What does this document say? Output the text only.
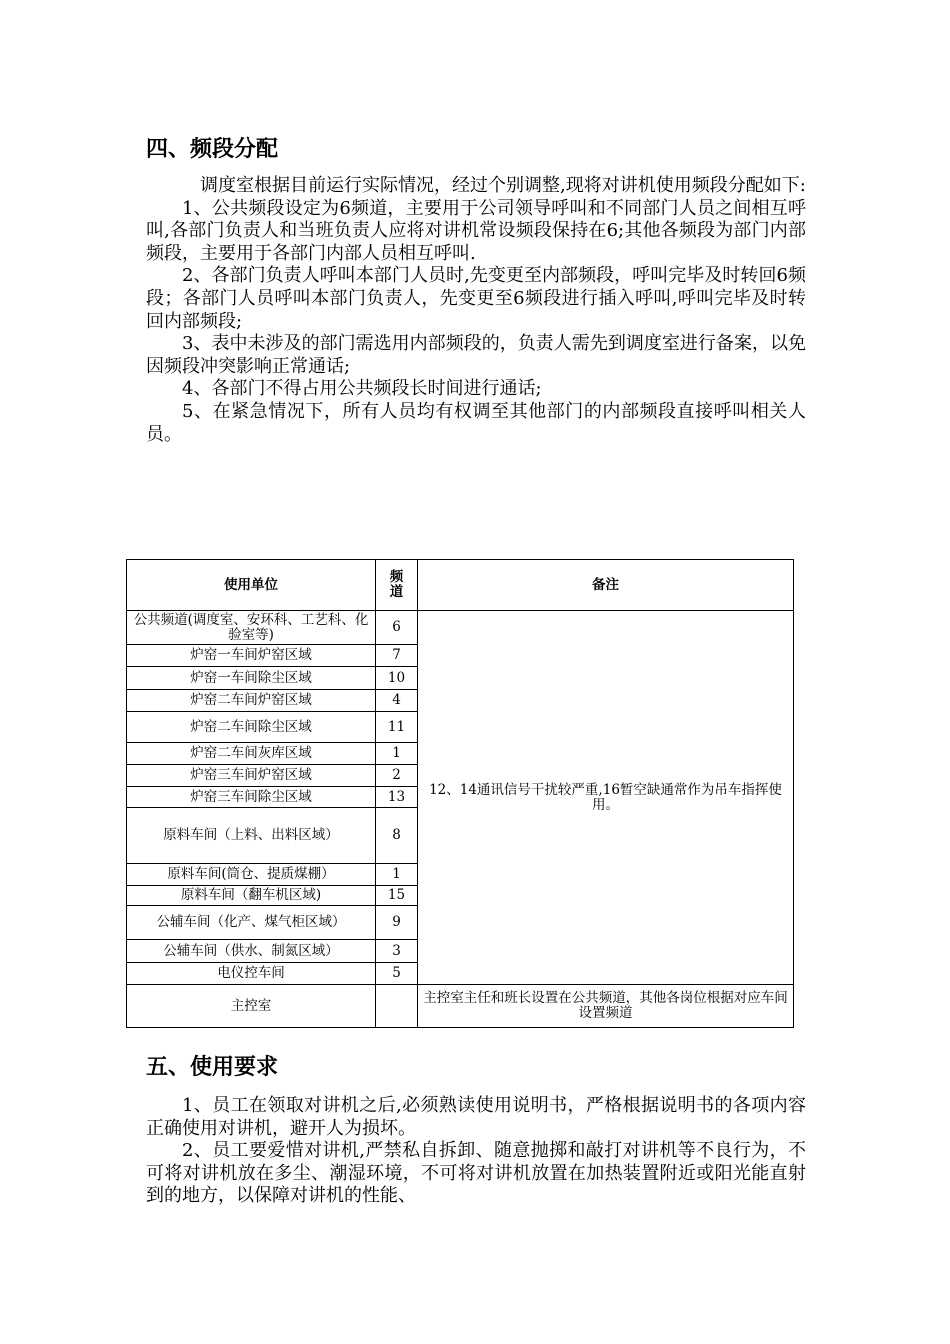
四、频段分配

调度室根据目前运行实际情况，经过个别调整,现将对讲机使用频段分配如下:

1、公共频段设定为6频道，主要用于公司领导呼叫和不同部门人员之间相互呼叫,各部门负责人和当班负责人应将对讲机常设频段保持在6;其他各频段为部门内部频段，主要用于各部门内部人员相互呼叫.

2、各部门负责人呼叫本部门人员时,先变更至内部频段，呼叫完毕及时转回6频段；各部门人员呼叫本部门负责人，先变更至6频段进行插入呼叫,呼叫完毕及时转回内部频段;

3、表中未涉及的部门需选用内部频段的，负责人需先到调度室进行备案，以免因频段冲突影响正常通话;

4、各部门不得占用公共频段长时间进行通话;

5、在紧急情况下，所有人员均有权调至其他部门的内部频段直接呼叫相关人员。

使用单位	频道	备注
公共频道(调度室、安环科、工艺科、化验室等)	6	12、14通讯信号干扰较严重,16暂空缺通常作为吊车指挥使用。
炉窑一车间炉窑区域	7	
炉窑一车间除尘区域	10	
炉窑二车间炉窑区域	4	
炉窑二车间除尘区域	11	
炉窑二车间灰库区域	1	
炉窑三车间炉窑区域	2	
炉窑三车间除尘区域	13	
原料车间（上料、出料区域）	8	
原料车间(筒仓、提质煤棚）	1	
原料车间（翻车机区域)	15	
公辅车间（化产、煤气柜区域）	9	
公辅车间（供水、制氮区域）	3	
电仪控车间	5	
主控室		主控室主任和班长设置在公共频道，其他各岗位根据对应车间设置频道
五、使用要求

1、员工在领取对讲机之后,必须熟读使用说明书，严格根据说明书的各项内容正确使用对讲机，避开人为损坏。

2、员工要爱惜对讲机,严禁私自拆卸、随意抛掷和敲打对讲机等不良行为，不可将对讲机放在多尘、潮湿环境，不可将对讲机放置在加热装置附近或阳光能直射到的地方，以保障对讲机的性能、
